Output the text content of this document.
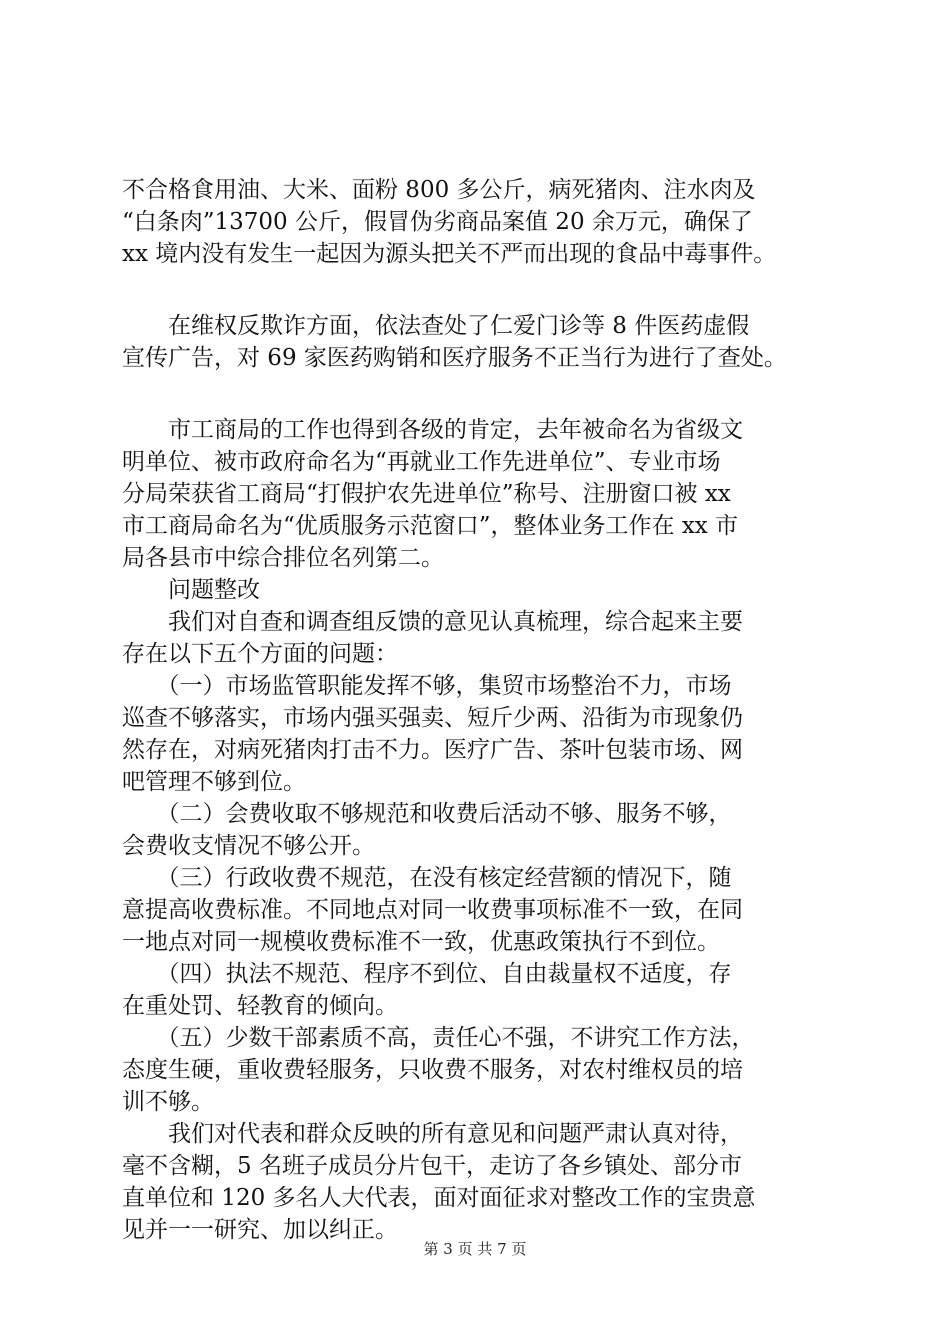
不合格食用油、大米、面粉 800 多公斤，病死猪肉、注水肉及
“白条肉”13700 公斤，假冒伪劣商品案值 20 余万元，确保了
xx 境内没有发生一起因为源头把关不严而出现的食品中毒事件。
　　在维权反欺诈方面，依法查处了仁爱门诊等 8 件医药虚假
宣传广告，对 69 家医药购销和医疗服务不正当行为进行了查处。
　　市工商局的工作也得到各级的肯定，去年被命名为省级文
明单位、被市政府命名为“再就业工作先进单位”、专业市场
分局荣获省工商局“打假护农先进单位”称号、注册窗口被 xx
市工商局命名为“优质服务示范窗口”，整体业务工作在 xx 市
局各县市中综合排位名列第二。
　　问题整改
　　我们对自查和调查组反馈的意见认真梳理，综合起来主要
存在以下五个方面的问题：
　　（一）市场监管职能发挥不够，集贸市场整治不力，市场
巡查不够落实，市场内强买强卖、短斤少两、沿街为市现象仍
然存在，对病死猪肉打击不力。医疗广告、茶叶包装市场、网
吧管理不够到位。
　　（二）会费收取不够规范和收费后活动不够、服务不够，
会费收支情况不够公开。
　　（三）行政收费不规范，在没有核定经营额的情况下，随
意提高收费标准。不同地点对同一收费事项标准不一致，在同
一地点对同一规模收费标准不一致，优惠政策执行不到位。
　　（四）执法不规范、程序不到位、自由裁量权不适度，存
在重处罚、轻教育的倾向。
　　（五）少数干部素质不高，责任心不强，不讲究工作方法，
态度生硬，重收费轻服务，只收费不服务，对农村维权员的培
训不够。
　　我们对代表和群众反映的所有意见和问题严肃认真对待，
毫不含糊，5 名班子成员分片包干，走访了各乡镇处、部分市
直单位和 120 多名人大代表，面对面征求对整改工作的宝贵意
见并一一研究、加以纠正。
第 3 页 共 7 页
